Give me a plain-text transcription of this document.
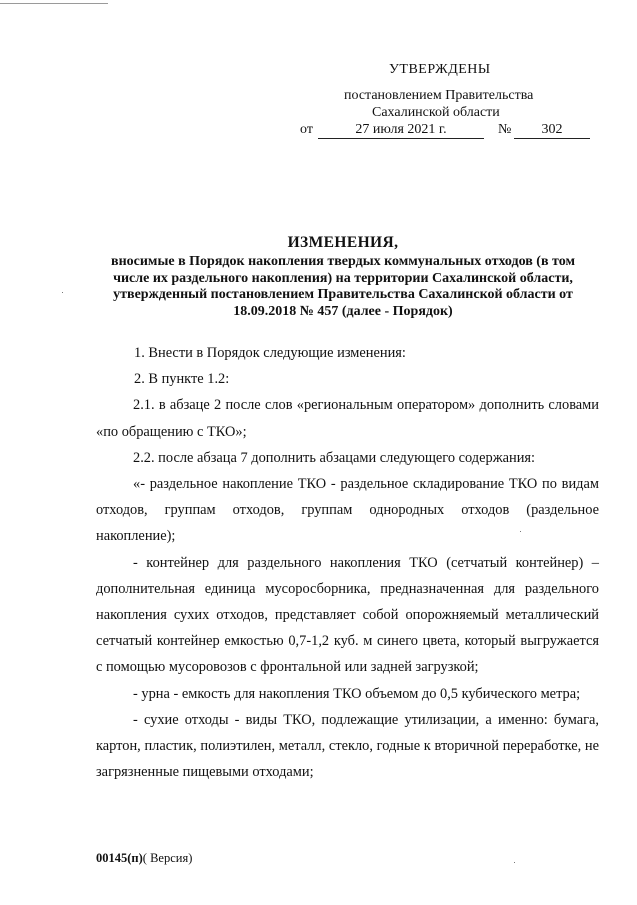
УТВЕРЖДЕНЫ
постановлением Правительства
Сахалинской области
от	27 июля 2021 г.	№	302
ИЗМЕНЕНИЯ,
вносимые в Порядок накопления твердых коммунальных отходов (в том
числе их раздельного накопления) на территории Сахалинской области,
утвержденный постановлением Правительства Сахалинской области от
18.09.2018 № 457 (далее - Порядок)

1. Внести в Порядок следующие изменения:

2. В пункте 1.2:

2.1. в абзаце 2 после слов «региональным оператором» дополнить словами «по обращению с ТКО»;

2.2. после абзаца 7 дополнить абзацами следующего содержания:

«- раздельное накопление ТКО - раздельное складирование ТКО по видам отходов, группам отходов, группам однородных отходов (раздельное накопление);

- контейнер для раздельного накопления ТКО (сетчатый контейнер) – дополнительная единица мусоросборника, предназначенная для раздельного накопления сухих отходов, представляет собой опорожняемый металлический сетчатый контейнер емкостью 0,7-1,2 куб. м синего цвета, который выгружается с помощью мусоровозов с фронтальной или задней загрузкой;

- урна - емкость для накопления ТКО объемом до 0,5 кубического метра;

- сухие отходы - виды ТКО, подлежащие утилизации, а именно: бумага, картон, пластик, полиэтилен, металл, стекло, годные к вторичной переработке, не загрязненные пищевыми отходами;

00145(п)( Версия)
